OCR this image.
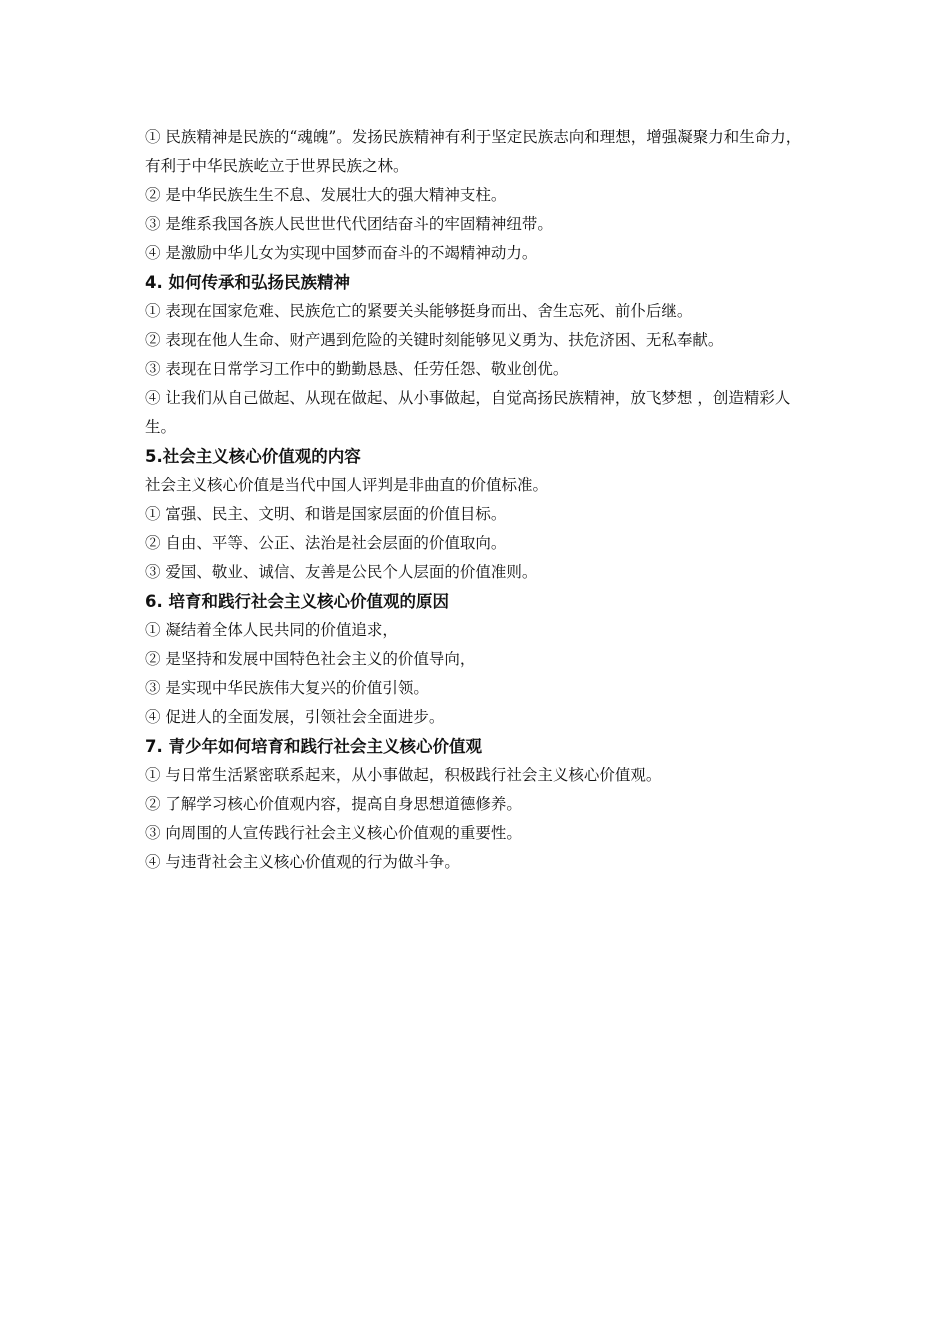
① 民族精神是民族的“魂魄”。发扬民族精神有利于坚定民族志向和理想，增强凝聚力和生命力，有利于中华民族屹立于世界民族之林。

② 是中华民族生生不息、发展壮大的强大精神支柱。

③ 是维系我国各族人民世世代代团结奋斗的牢固精神纽带。

④ 是激励中华儿女为实现中国梦而奋斗的不竭精神动力。

4. 如何传承和弘扬民族精神

① 表现在国家危难、民族危亡的紧要关头能够挺身而出、舍生忘死、前仆后继。

② 表现在他人生命、财产遇到危险的关键时刻能够见义勇为、扶危济困、无私奉献。

③ 表现在日常学习工作中的勤勤恳恳、任劳任怨、敬业创优。

④ 让我们从自己做起、从现在做起、从小事做起，自觉高扬民族精神，放飞梦想 ，创造精彩人生。

5.社会主义核心价值观的内容

社会主义核心价值是当代中国人评判是非曲直的价值标准。

① 富强、民主、文明、和谐是国家层面的价值目标。

② 自由、平等、公正、法治是社会层面的价值取向。

③ 爱国、敬业、诚信、友善是公民个人层面的价值准则。

6. 培育和践行社会主义核心价值观的原因

① 凝结着全体人民共同的价值追求，

② 是坚持和发展中国特色社会主义的价值导向，

③ 是实现中华民族伟大复兴的价值引领。

④ 促进人的全面发展，引领社会全面进步。

7. 青少年如何培育和践行社会主义核心价值观

① 与日常生活紧密联系起来，从小事做起，积极践行社会主义核心价值观。

② 了解学习核心价值观内容，提高自身思想道德修养。

③ 向周围的人宣传践行社会主义核心价值观的重要性。

④ 与违背社会主义核心价值观的行为做斗争。
